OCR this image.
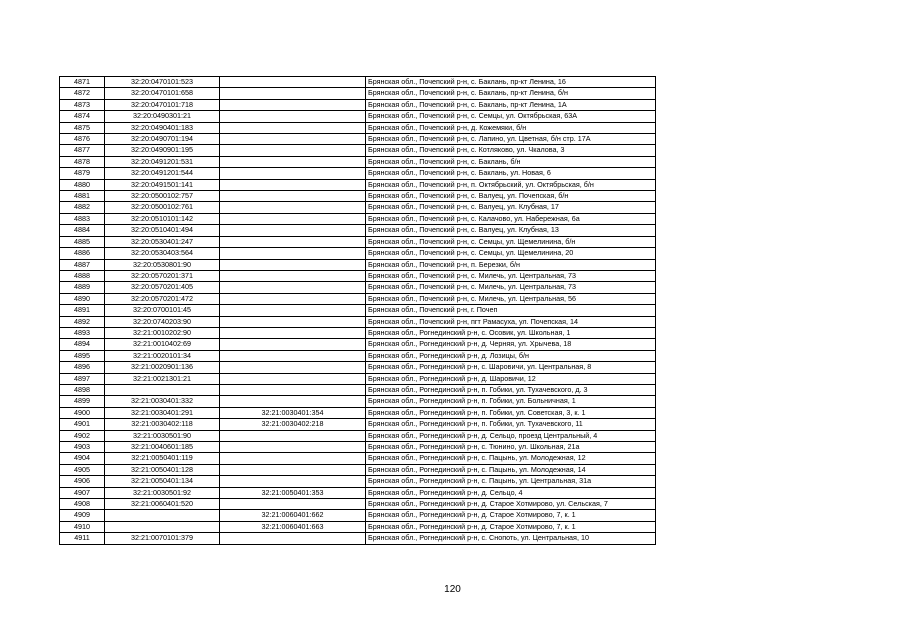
4871	32:20:0470101:523		Брянская обл., Почепский р-н, с. Баклань, пр-кт Ленина, 16
4872	32:20:0470101:658		Брянская обл., Почепский р-н, с. Баклань, пр-кт Ленина, б/н
4873	32:20:0470101:718		Брянская обл., Почепский р-н, с. Баклань, пр-кт Ленина, 1А
4874	32:20:0490301:21		Брянская обл., Почепский р-н, с. Семцы, ул. Октябрьская, 63А
4875	32:20:0490401:183		Брянская обл., Почепский р-н, д. Кожемяки, б/н
4876	32:20:0490701:194		Брянская обл., Почепский р-н, с. Лапино, ул. Цветная, б/н стр. 17А
4877	32:20:0490901:195		Брянская обл., Почепский р-н, с. Котляково, ул. Чкалова, 3
4878	32:20:0491201:531		Брянская обл., Почепский р-н, с. Баклань, б/н
4879	32:20:0491201:544		Брянская обл., Почепский р-н, с. Баклань, ул. Новая, 6
4880	32:20:0491501:141		Брянская обл., Почепский р-н, п. Октябрьский, ул. Октябрьская, б/н
4881	32:20:0500102:757		Брянская обл., Почепский р-н, с. Валуец, ул. Почепская, б/н
4882	32:20:0500102:761		Брянская обл., Почепский р-н, с. Валуец, ул. Клубная, 17
4883	32:20:0510101:142		Брянская обл., Почепский р-н, с. Калачово, ул. Набережная, 6а
4884	32:20:0510401:494		Брянская обл., Почепский р-н, с. Валуец, ул. Клубная, 13
4885	32:20:0530401:247		Брянская обл., Почепский р-н, с. Семцы, ул. Щемелинина, б/н
4886	32:20:0530403:564		Брянская обл., Почепский р-н, с. Семцы, ул. Щемелинина, 20
4887	32:20:0530801:90		Брянская обл., Почепский р-н, п. Березки, б/н
4888	32:20:0570201:371		Брянская обл., Почепский р-н, с. Милечь, ул. Центральная, 73
4889	32:20:0570201:405		Брянская обл., Почепский р-н, с. Милечь, ул. Центральная, 73
4890	32:20:0570201:472		Брянская обл., Почепский р-н, с. Милечь, ул. Центральная, 56
4891	32:20:0700101:45		Брянская обл., Почепский р-н, г. Почеп
4892	32:20:0740203:90		Брянская обл., Почепский р-н, пгт Рамасуха, ул. Почепская, 14
4893	32:21:0010202:90		Брянская обл., Рогнединский р-н, с. Осовик, ул. Школьная, 1
4894	32:21:0010402:69		Брянская обл., Рогнединский р-н, д. Черняя, ул. Хрычева, 18
4895	32:21:0020101:34		Брянская обл., Рогнединский р-н, д. Лозицы, б/н
4896	32:21:0020901:136		Брянская обл., Рогнединский р-н, с. Шаровичи, ул. Центральная, 8
4897	32:21:0021301:21		Брянская обл., Рогнединский р-н, д. Шаровичи, 12
4898			Брянская обл., Рогнединский р-н, п. Гобики, ул. Тухачевского, д. 3
4899	32:21:0030401:332		Брянская обл., Рогнединский р-н, п. Гобики, ул. Больничная, 1
4900	32:21:0030401:291	32:21:0030401:354	Брянская обл., Рогнединский р-н, п. Гобики, ул. Советская, 3, к. 1
4901	32:21:0030402:118	32:21:0030402:218	Брянская обл., Рогнединский р-н, п. Гобики, ул. Тухачевского, 11
4902	32:21:0030501:90		Брянская обл., Рогнединский р-н, д. Сельцо, проезд Центральный, 4
4903	32:21:0040601:185		Брянская обл., Рогнединский р-н, с. Тюнино, ул. Школьная, 21а
4904	32:21:0050401:119		Брянская обл., Рогнединский р-н, с. Пацынь, ул. Молодежная, 12
4905	32:21:0050401:128		Брянская обл., Рогнединский р-н, с. Пацынь, ул. Молодежная, 14
4906	32:21:0050401:134		Брянская обл., Рогнединский р-н, с. Пацынь, ул. Центральная, 31а
4907	32:21:0030501:92	32:21:0050401:353	Брянская обл., Рогнединский р-н, д. Сельцо, 4
4908	32:21:0060401:520		Брянская обл., Рогнединский р-н, д. Старое Хотмирово, ул. Сельская, 7
4909		32:21:0060401:662	Брянская обл., Рогнединский р-н, д. Старое Хотмирово, 7, к. 1
4910		32:21:0060401:663	Брянская обл., Рогнединский р-н, д. Старое Хотмирово, 7, к. 1
4911	32:21:0070101:379		Брянская обл., Рогнединский р-н, с. Снопоть, ул. Центральная, 10
120
